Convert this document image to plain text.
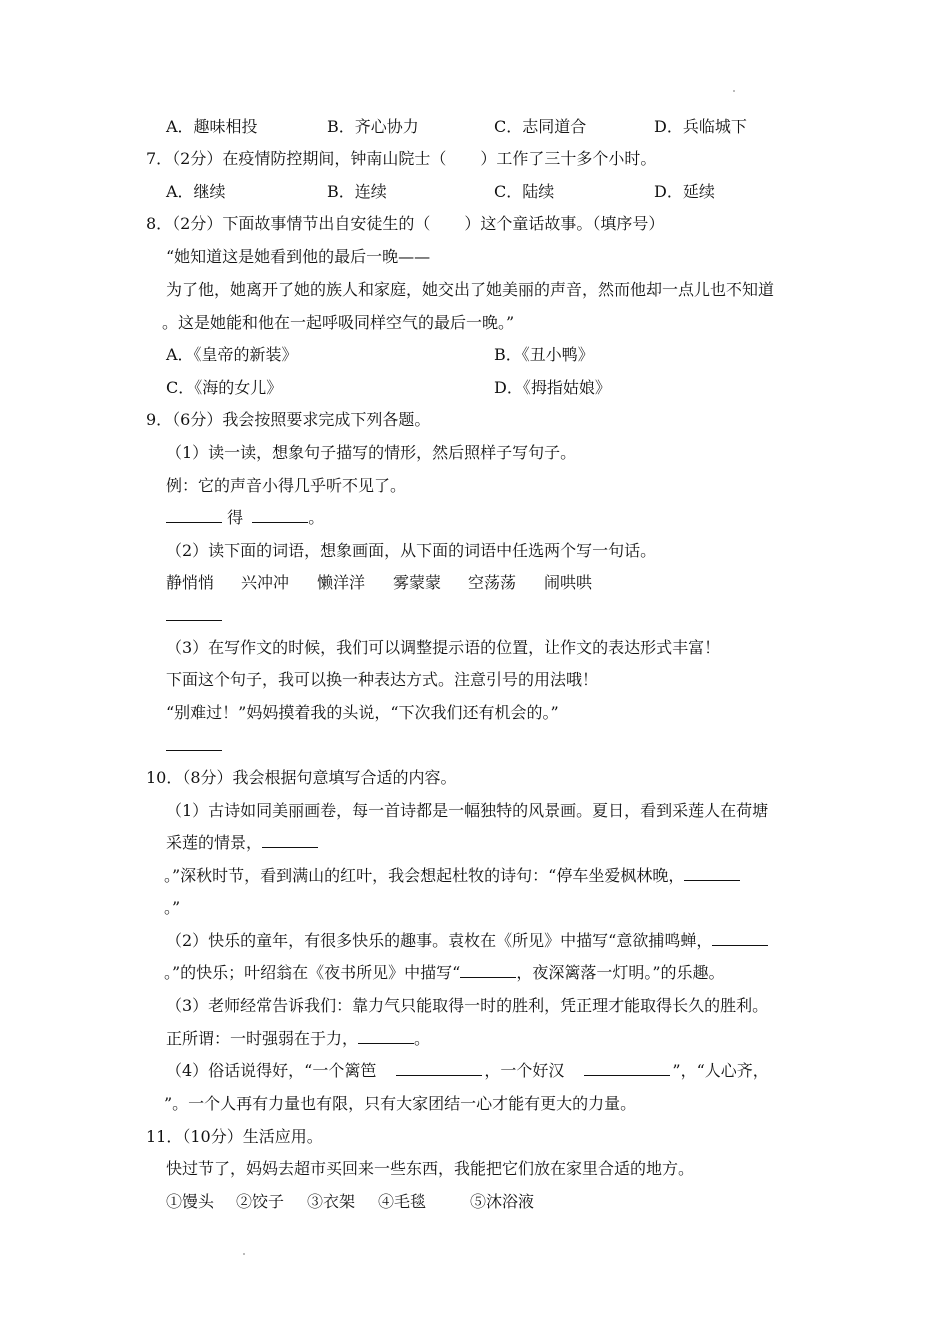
A．趣味相投	B．齐心协力	C．志同道合	D．兵临城下
7．（2分）在疫情防控期间，钟南山院士（ ）工作了三十多个小时。
A．继续	B．连续	C．陆续	D．延续
8．（2分）下面故事情节出自安徒生的（ ）这个童话故事。（填序号）
“她知道这是她看到他的最后一晚——
为了他，她离开了她的族人和家庭，她交出了她美丽的声音，然而他却一点儿也不知道
。这是她能和他在一起呼吸同样空气的最后一晚。”
A．《皇帝的新装》	B．《丑小鸭》
C．《海的女儿》	D．《拇指姑娘》
9．（6分）我会按照要求完成下列各题。
（1）读一读，想象句子描写的情形，然后照样子写句子。
例：它的声音小得几乎听不见了。
得	。
（2）读下面的词语，想象画面，从下面的词语中任选两个写一句话。
静悄悄 兴冲冲 懒洋洋 雾蒙蒙 空荡荡 闹哄哄
（3）在写作文的时候，我们可以调整提示语的位置，让作文的表达形式丰富！
下面这个句子，我可以换一种表达方式。注意引号的用法哦！
“别难过！”妈妈摸着我的头说，“下次我们还有机会的。”
10．（8分）我会根据句意填写合适的内容。
（1）古诗如同美丽画卷，每一首诗都是一幅独特的风景画。夏日，看到采莲人在荷塘
采莲的情景，
。”深秋时节，看到满山的红叶，我会想起杜牧的诗句：“停车坐爱枫林晚，
。”
（2）快乐的童年，有很多快乐的趣事。袁枚在《所见》中描写“意欲捕鸣蝉，
。”的快乐；叶绍翁在《夜书所见》中描写“	，夜深篱落一灯明。”的乐趣。
（3）老师经常告诉我们：靠力气只能取得一时的胜利，凭正理才能取得长久的胜利。
正所谓：一时强弱在于力，	。
（4）俗话说得好，“一个篱笆	，一个好汉	”，“人心齐，
”。一个人再有力量也有限，只有大家团结一心才能有更大的力量。
11．（10分）生活应用。
快过节了，妈妈去超市买回来一些东西，我能把它们放在家里合适的地方。
①馒头 ②饺子 ③衣架 ④毛毯	⑤沐浴液
